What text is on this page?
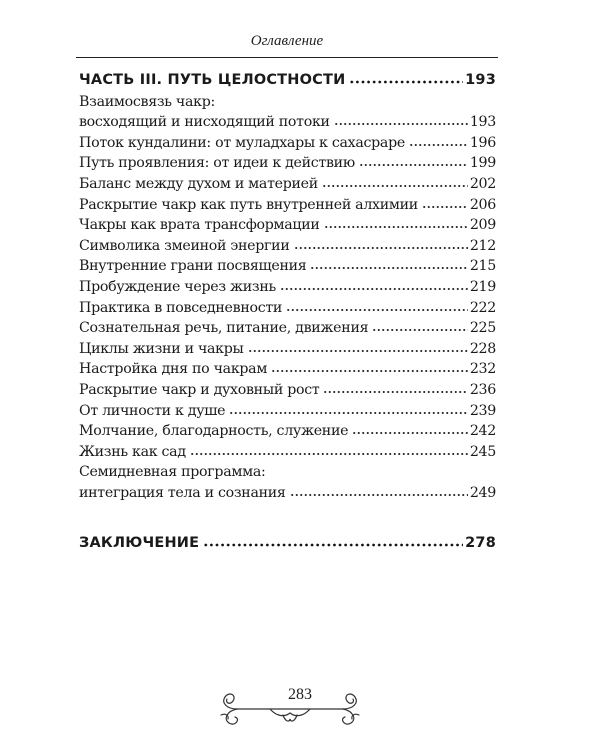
Оглавление
ЧАСТЬ III. ПУТЬ ЦЕЛОСТНОСТИ	193
Взаимосвязь чакр:
восходящий и нисходящий потоки	193
Поток кундалини: от муладхары к сахасраре	196
Путь проявления: от идеи к действию	199
Баланс между духом и материей	202
Раскрытие чакр как путь внутренней алхимии	206
Чакры как врата трансформации	209
Символика змеиной энергии	212
Внутренние грани посвящения	215
Пробуждение через жизнь	219
Практика в повседневности	222
Сознательная речь, питание, движения	225
Циклы жизни и чакры	228
Настройка дня по чакрам	232
Раскрытие чакр и духовный рост	236
От личности к душе	239
Молчание, благодарность, служение	242
Жизнь как сад	245
Семидневная программа:
интеграция тела и сознания	249
ЗАКЛЮЧЕНИЕ	278
283
